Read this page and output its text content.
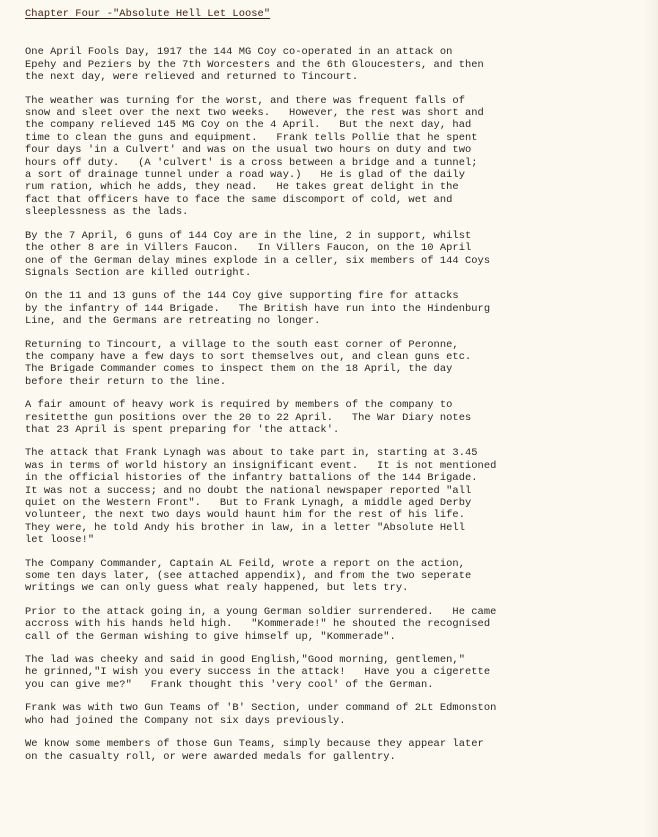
Chapter Four -"Absolute Hell Let Loose"
One April Fools Day, 1917 the 144 MG Coy co-operated in an attack on
Epehy and Peziers by the 7th Worcesters and the 6th Gloucesters, and then
the next day, were relieved and returned to Tincourt.
The weather was turning for the worst, and there was frequent falls of
snow and sleet over the next two weeks.   However, the rest was short and
the company relieved 145 MG Coy on the 4 April.   But the next day, had
time to clean the guns and equipment.   Frank tells Pollie that he spent
four days 'in a Culvert' and was on the usual two hours on duty and two
hours off duty.   (A 'culvert' is a cross between a bridge and a tunnel;
a sort of drainage tunnel under a road way.)   He is glad of the daily
rum ration, which he adds, they nead.   He takes great delight in the
fact that officers have to face the same discomport of cold, wet and
sleeplessness as the lads.
By the 7 April, 6 guns of 144 Coy are in the line, 2 in support, whilst
the other 8 are in Villers Faucon.   In Villers Faucon, on the 10 April
one of the German delay mines explode in a celler, six members of 144 Coys
Signals Section are killed outright.
On the 11 and 13 guns of the 144 Coy give supporting fire for attacks
by the infantry of 144 Brigade.   The British have run into the Hindenburg
Line, and the Germans are retreating no longer.
Returning to Tincourt, a village to the south east corner of Peronne,
the company have a few days to sort themselves out, and clean guns etc.
The Brigade Commander comes to inspect them on the 18 April, the day
before their return to the line.
A fair amount of heavy work is required by members of the company to
resitetthe gun positions over the 20 to 22 April.   The War Diary notes
that 23 April is spent preparing for 'the attack'.
The attack that Frank Lynagh was about to take part in, starting at 3.45
was in terms of world history an insignificant event.   It is not mentioned
in the official histories of the infantry battalions of the 144 Brigade.
It was not a success; and no doubt the national newspaper reported "all
quiet on the Western Front".   But to Frank Lynagh, a middle aged Derby
volunteer, the next two days would haunt him for the rest of his life.
They were, he told Andy his brother in law, in a letter "Absolute Hell
let loose!"
The Company Commander, Captain AL Feild, wrote a report on the action,
some ten days later, (see attached appendix), and from the two seperate
writings we can only guess what realy happened, but lets try.
Prior to the attack going in, a young German soldier surrendered.   He came
accross with his hands held high.   "Kommerade!" he shouted the recognised
call of the German wishing to give himself up, "Kommerade".
The lad was cheeky and said in good English,"Good morning, gentlemen,"
he grinned,"I wish you every success in the attack!   Have you a cigerette
you can give me?"   Frank thought this 'very cool' of the German.
Frank was with two Gun Teams of 'B' Section, under command of 2Lt Edmonston
who had joined the Company not six days previously.
We know some members of those Gun Teams, simply because they appear later
on the casualty roll, or were awarded medals for gallentry.
